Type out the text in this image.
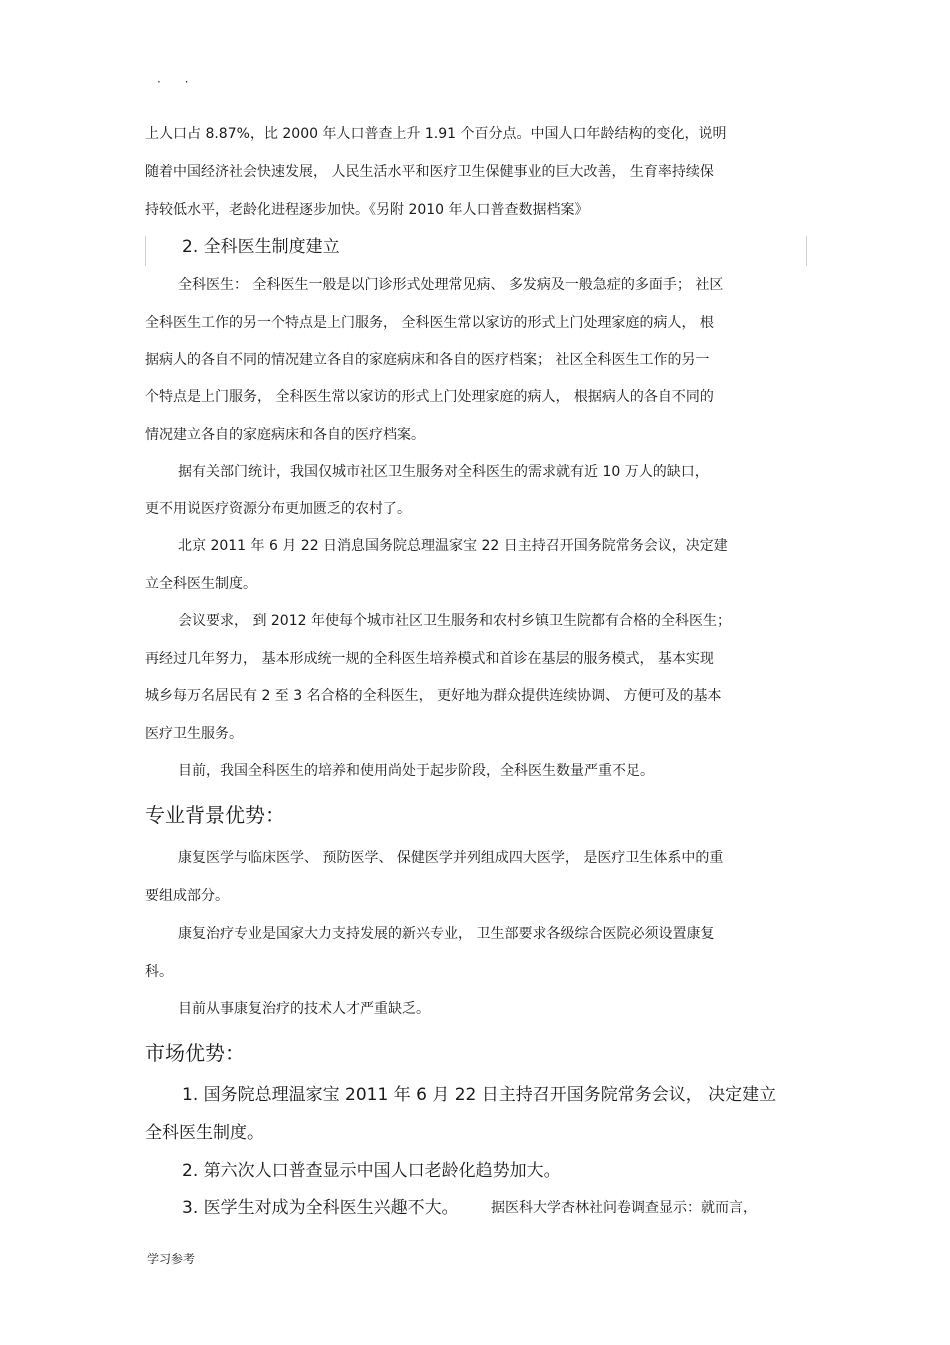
· ·
上人口占 8.87%，比 2000 年人口普查上升 1.91 个百分点。中国人口年龄结构的变化，说明
随着中国经济社会快速发展， 人民生活水平和医疗卫生保健事业的巨大改善， 生育率持续保
持较低水平，老龄化进程逐步加快。《另附 2010 年人口普查数据档案》
2. 全科医生制度建立
全科医生： 全科医生一般是以门诊形式处理常见病、 多发病及一般急症的多面手； 社区
全科医生工作的另一个特点是上门服务， 全科医生常以家访的形式上门处理家庭的病人， 根
据病人的各自不同的情况建立各自的家庭病床和各自的医疗档案； 社区全科医生工作的另一
个特点是上门服务， 全科医生常以家访的形式上门处理家庭的病人， 根据病人的各自不同的
情况建立各自的家庭病床和各自的医疗档案。
据有关部门统计，我国仅城市社区卫生服务对全科医生的需求就有近 10 万人的缺口，
更不用说医疗资源分布更加匮乏的农村了。
北京 2011 年 6 月 22 日消息国务院总理温家宝 22 日主持召开国务院常务会议，决定建
立全科医生制度。
会议要求， 到 2012 年使每个城市社区卫生服务和农村乡镇卫生院都有合格的全科医生；
再经过几年努力， 基本形成统一规的全科医生培养模式和首诊在基层的服务模式， 基本实现
城乡每万名居民有 2 至 3 名合格的全科医生， 更好地为群众提供连续协调、 方便可及的基本
医疗卫生服务。
目前，我国全科医生的培养和使用尚处于起步阶段，全科医生数量严重不足。
专业背景优势：
康复医学与临床医学、 预防医学、 保健医学并列组成四大医学， 是医疗卫生体系中的重
要组成部分。
康复治疗专业是国家大力支持发展的新兴专业， 卫生部要求各级综合医院必须设置康复
科。
目前从事康复治疗的技术人才严重缺乏。
市场优势：
1. 国务院总理温家宝 2011 年 6 月 22 日主持召开国务院常务会议， 决定建立
全科医生制度。
2. 第六次人口普查显示中国人口老龄化趋势加大。
3. 医学生对成为全科医生兴趣不大。 据医科大学杏林社问卷调查显示：就而言，
学习参考
